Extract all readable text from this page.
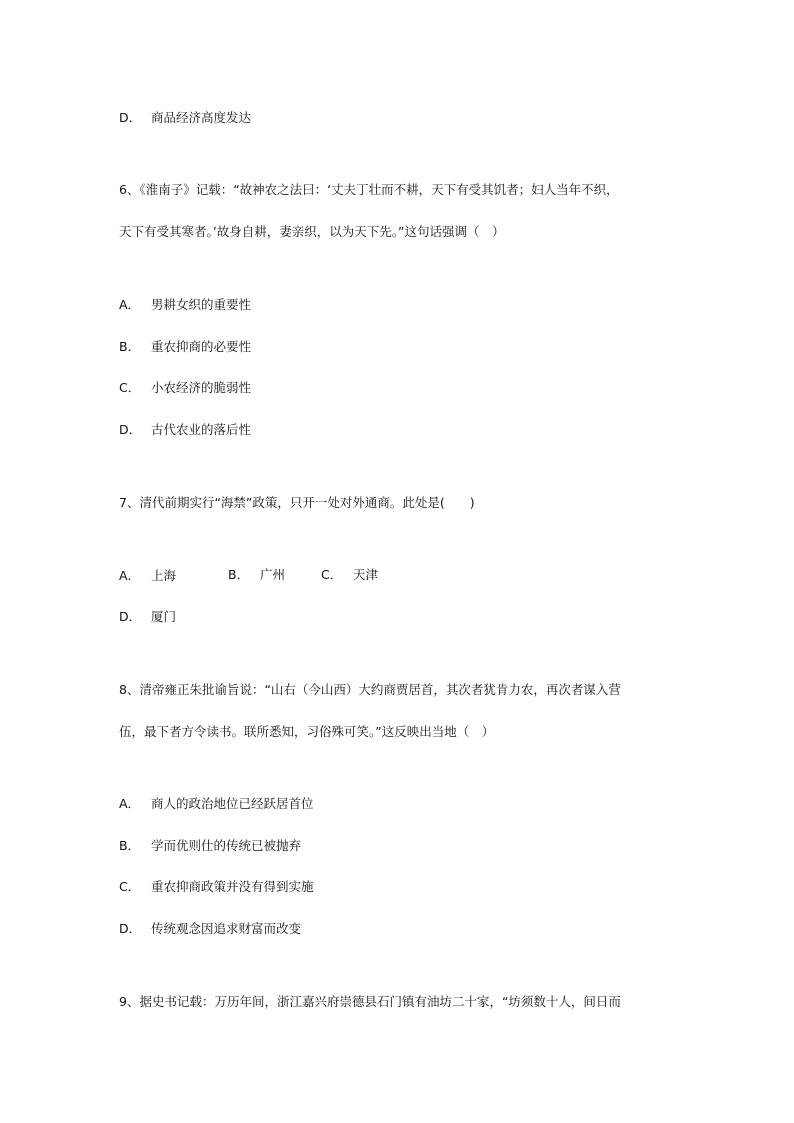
D． 商品经济高度发达
6、《淮南子》记载：“故神农之法曰：‘丈夫丁壮而不耕，天下有受其饥者；妇人当年不织，
天下有受其寒者。’故身自耕，妻亲织，以为天下先。”这句话强调（　）
A． 男耕女织的重要性
B． 重农抑商的必要性
C． 小农经济的脆弱性
D． 古代农业的落后性
7、清代前期实行“海禁”政策，只开一处对外通商。此处是(　　)
A． 上海	B． 广州	C． 天津
D． 厦门
8、清帝雍正朱批谕旨说：“山右（今山西）大约商贾居首，其次者犹肯力农，再次者谋入营
伍，最下者方令读书。联所悉知，习俗殊可笑。”这反映出当地（　）
A． 商人的政治地位已经跃居首位
B． 学而优则仕的传统已被抛弃
C． 重农抑商政策并没有得到实施
D． 传统观念因追求财富而改变
9、据史书记载：万历年间，浙江嘉兴府崇德县石门镇有油坊二十家，“坊须数十人，间日而
